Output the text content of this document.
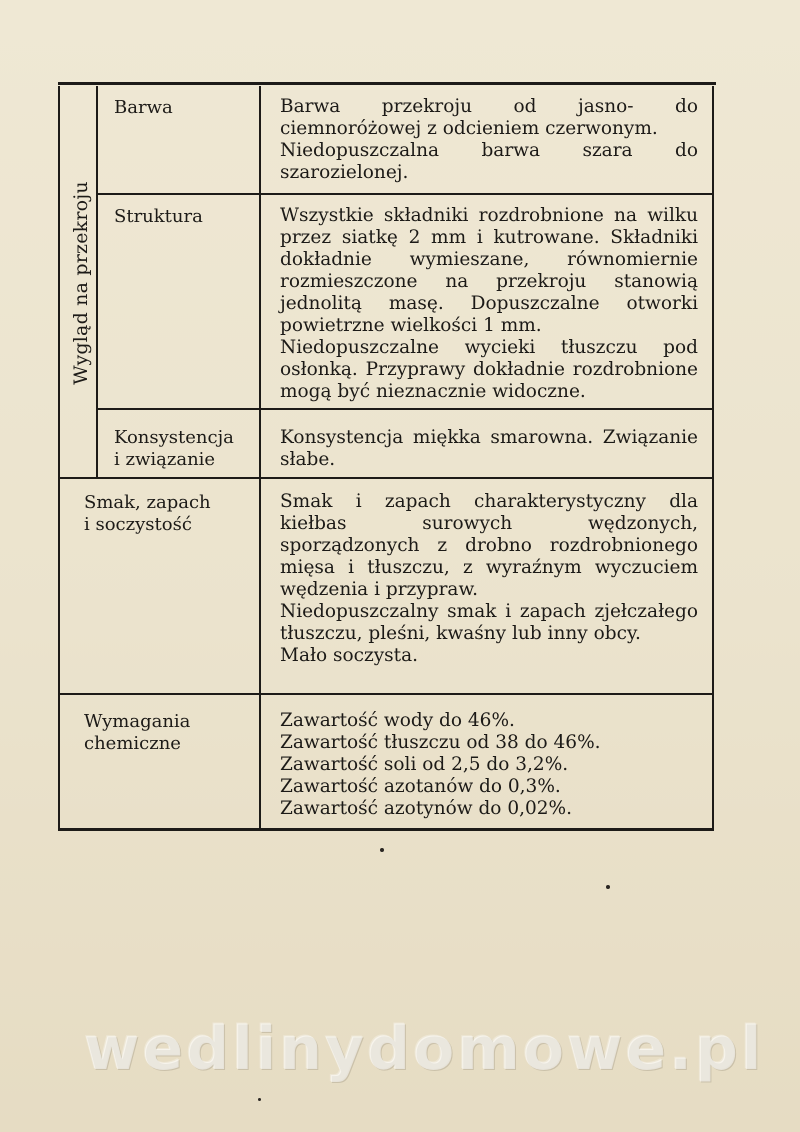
Wygląd na przekroju
Barwa	Barwa przekroju od jasno- do ciemnoróżowej z odcieniem czerwonym.

Niedopuszczalna barwa szara do szarozielonej.

Struktura	Wszystkie składniki rozdrobnione na wilku przez siatkę 2 mm i kutrowane. Składniki dokładnie wymieszane, równomiernie rozmieszczone na przekroju stanowią jednolitą masę. Dopuszczalne otworki powietrzne wielkości 1 mm.

Niedopuszczalne wycieki tłuszczu pod osłonką. Przyprawy dokładnie rozdrobnione mogą być nieznacznie widoczne.

Konsystencja
i związanie

Konsystencja miękka smarowna. Związanie słabe.

Smak, zapach
i soczystość

Smak i zapach charakterystyczny dla kiełbas surowych wędzonych, sporządzonych z drobno rozdrobnionego mięsa i tłuszczu, z wyraźnym wyczuciem wędzenia i przypraw.

Niedopuszczalny smak i zapach zjełczałego tłuszczu, pleśni, kwaśny lub inny obcy.

Mało soczysta.

Wymagania
chemiczne

Zawartość wody do 46%.

Zawartość tłuszczu od 38 do 46%.

Zawartość soli od 2,5 do 3,2%.

Zawartość azotanów do 0,3%.

Zawartość azotynów do 0,02%.

wedlinydomowe.pl
